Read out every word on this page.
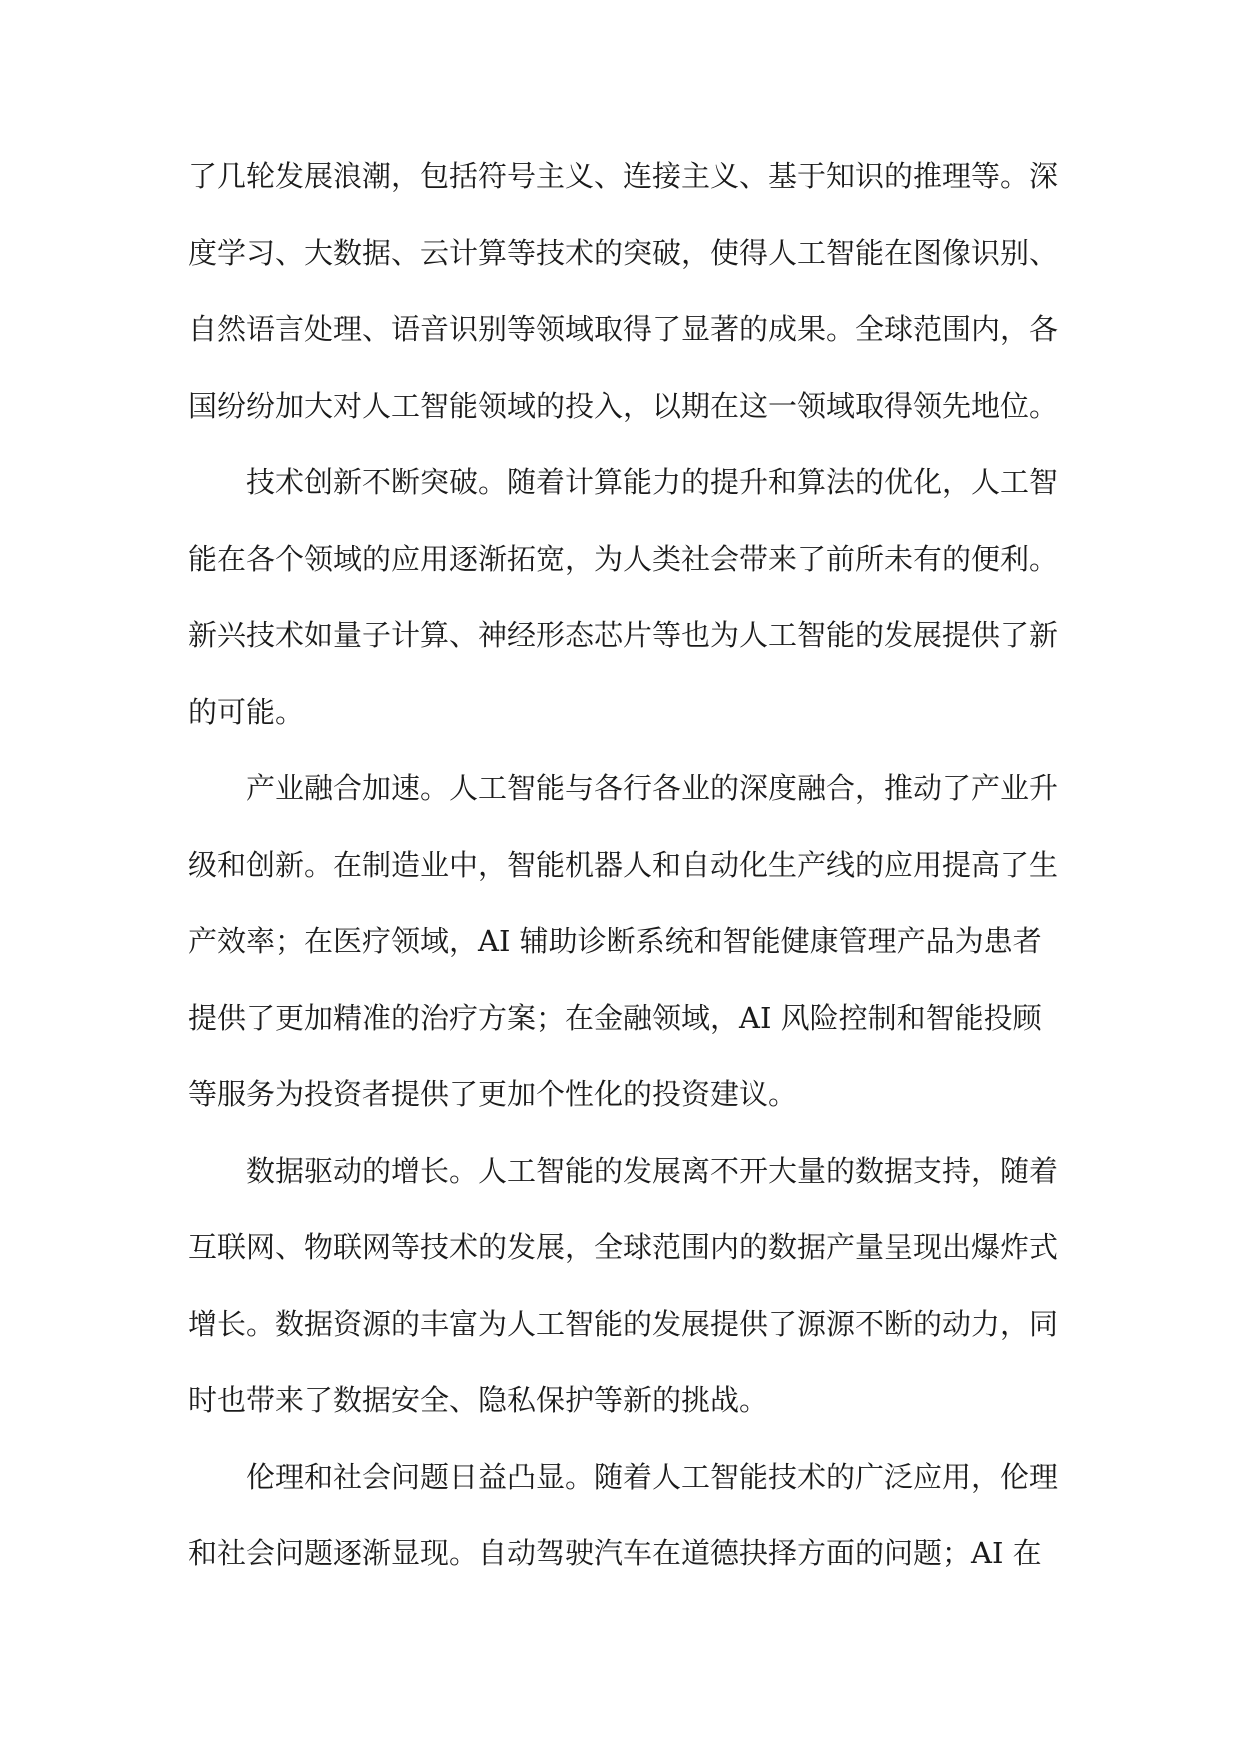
了几轮发展浪潮，包括符号主义、连接主义、基于知识的推理等。深
度学习、大数据、云计算等技术的突破，使得人工智能在图像识别、
自然语言处理、语音识别等领域取得了显著的成果。全球范围内，各
国纷纷加大对人工智能领域的投入，以期在这一领域取得领先地位。
　　技术创新不断突破。随着计算能力的提升和算法的优化，人工智
能在各个领域的应用逐渐拓宽，为人类社会带来了前所未有的便利。
新兴技术如量子计算、神经形态芯片等也为人工智能的发展提供了新
的可能。
　　产业融合加速。人工智能与各行各业的深度融合，推动了产业升
级和创新。在制造业中，智能机器人和自动化生产线的应用提高了生
产效率；在医疗领域，AI 辅助诊断系统和智能健康管理产品为患者
提供了更加精准的治疗方案；在金融领域，AI 风险控制和智能投顾
等服务为投资者提供了更加个性化的投资建议。
　　数据驱动的增长。人工智能的发展离不开大量的数据支持，随着
互联网、物联网等技术的发展，全球范围内的数据产量呈现出爆炸式
增长。数据资源的丰富为人工智能的发展提供了源源不断的动力，同
时也带来了数据安全、隐私保护等新的挑战。
　　伦理和社会问题日益凸显。随着人工智能技术的广泛应用，伦理
和社会问题逐渐显现。自动驾驶汽车在道德抉择方面的问题；AI 在
